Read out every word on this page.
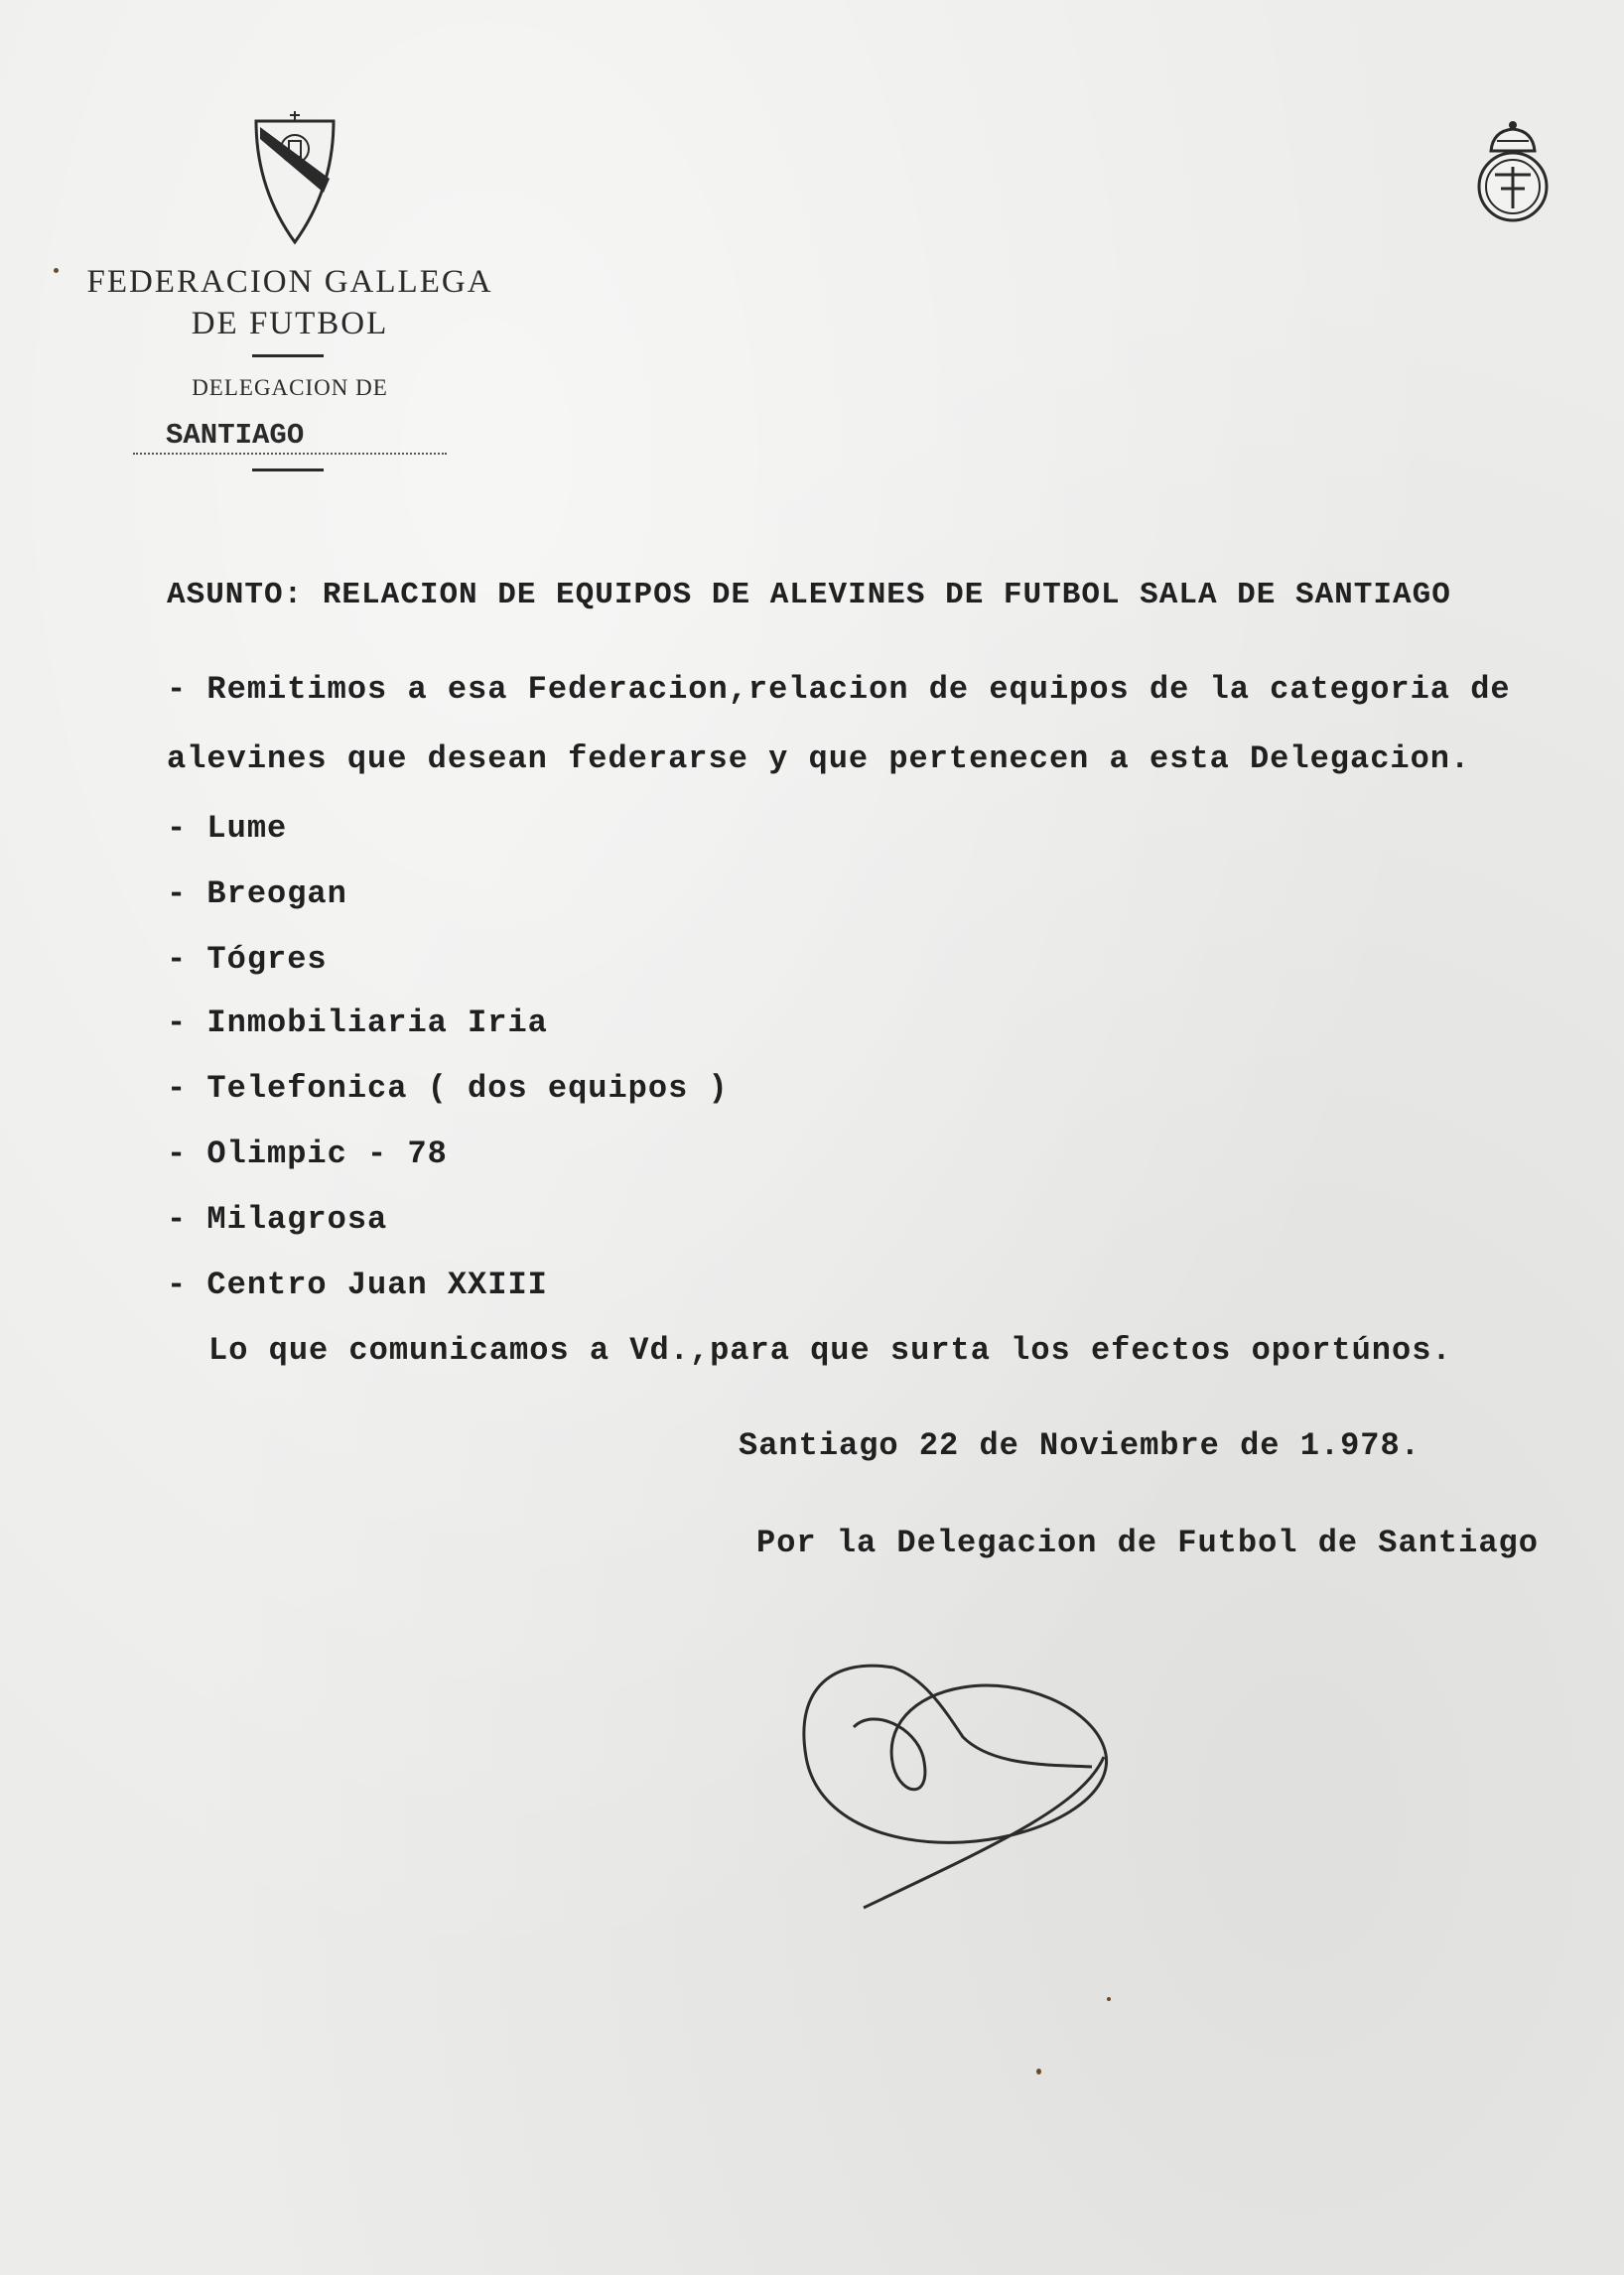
FEDERACION GALLEGA
DE FUTBOL
DELEGACION DE
SANTIAGO
ASUNTO: RELACION DE EQUIPOS DE ALEVINES DE FUTBOL SALA DE SANTIAGO
- Remitimos a esa Federacion,relacion de equipos de la categoria de
alevines que desean federarse y que pertenecen a esta Delegacion.
- Lume
- Breogan
- Tógres
- Inmobiliaria Iria
- Telefonica ( dos equipos )
- Olimpic - 78
- Milagrosa
- Centro Juan XXIII
Lo que comunicamos a Vd.,para que surta los efectos oportúnos.
Santiago 22 de Noviembre de 1.978.
Por la Delegacion de Futbol de Santiago
